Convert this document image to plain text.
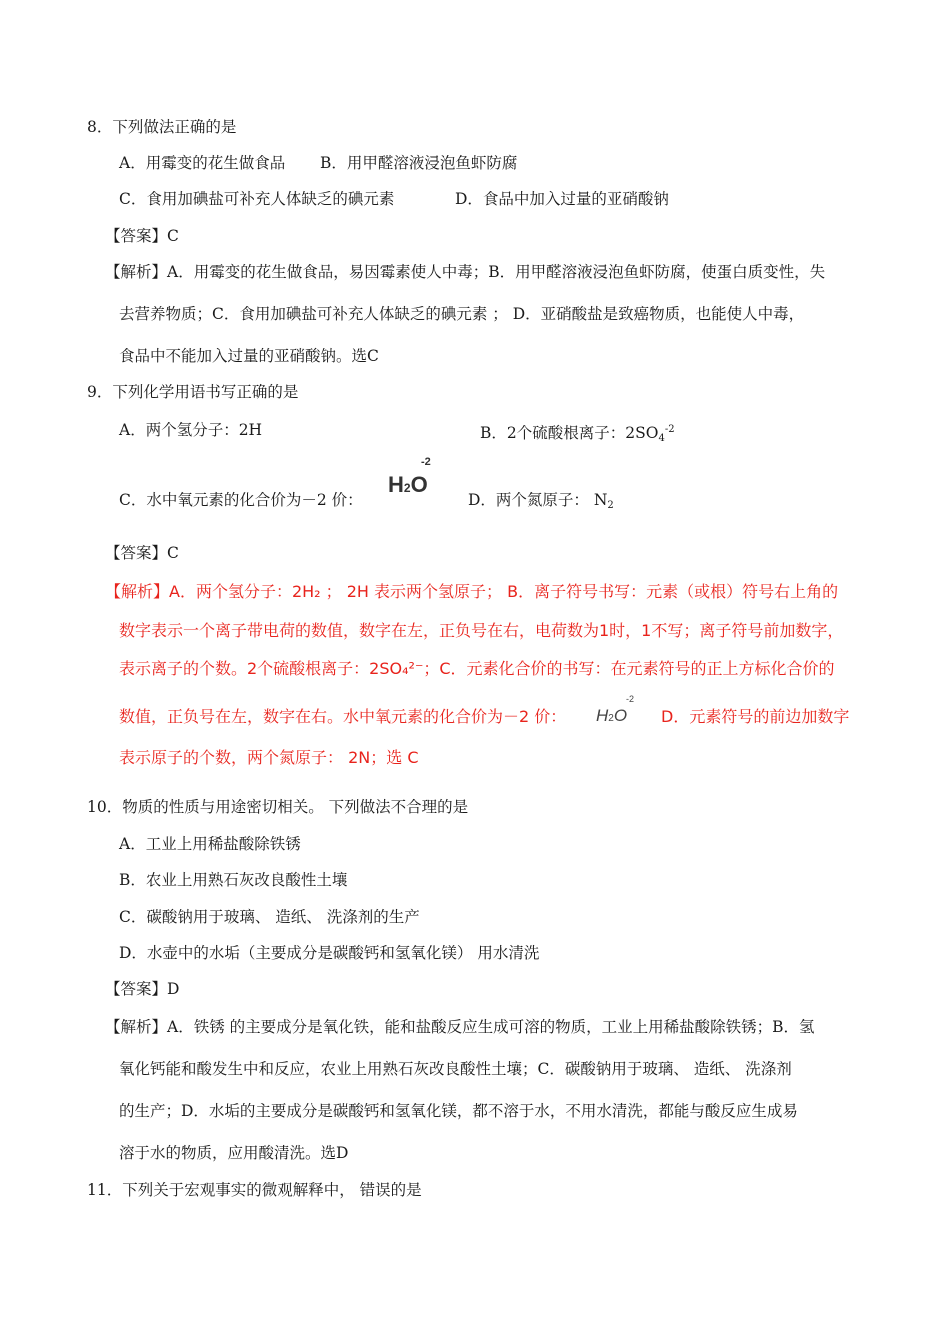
8．下列做法正确的是
A．用霉变的花生做食品 B．用甲醛溶液浸泡鱼虾防腐
C．食用加碘盐可补充人体缺乏的碘元素	D．食品中加入过量的亚硝酸钠
【答案】C
【解析】A．用霉变的花生做食品，易因霉素使人中毒；B．用甲醛溶液浸泡鱼虾防腐，使蛋白质变性，失
去营养物质；C．食用加碘盐可补充人体缺乏的碘元素 ； D．亚硝酸盐是致癌物质，也能使人中毒，
食品中不能加入过量的亚硝酸钠。选C
9．下列化学用语书写正确的是
A．两个氢分子：2H	B．2个硫酸根离子：$2SO4^{-2}$
C．水中氧元素的化合价为－2 价：
-2
H2O
D．两个氮原子： N2
【答案】C
【解析】A．两个氢分子：2H₂ ； 2H 表示两个氢原子； B．离子符号书写：元素（或根）符号右上角的
数字表示一个离子带电荷的数值，数字在左，正负号在右，电荷数为1时，1不写；离子符号前加数字，
表示离子的个数。2个硫酸根离子：2SO₄²⁻；C．元素化合价的书写：在元素符号的正上方标化合价的
数值，正负号在左，数字在右。水中氧元素的化合价为－2 价：
-2
H2O D．元素符号的前边加数字
表示原子的个数，两个氮原子： 2N；选 C
10．物质的性质与用途密切相关。 下列做法不合理的是
A．工业上用稀盐酸除铁锈
B．农业上用熟石灰改良酸性土壤
C．碳酸钠用于玻璃、 造纸、 洗涤剂的生产
D．水壶中的水垢（主要成分是碳酸钙和氢氧化镁） 用水清洗
【答案】D
【解析】A．铁锈 的主要成分是氧化铁，能和盐酸反应生成可溶的物质，工业上用稀盐酸除铁锈；B．氢
氧化钙能和酸发生中和反应，农业上用熟石灰改良酸性土壤；C．碳酸钠用于玻璃、 造纸、 洗涤剂
的生产；D．水垢的主要成分是碳酸钙和氢氧化镁，都不溶于水，不用水清洗，都能与酸反应生成易
溶于水的物质，应用酸清洗。选D
11．下列关于宏观事实的微观解释中， 错误的是
